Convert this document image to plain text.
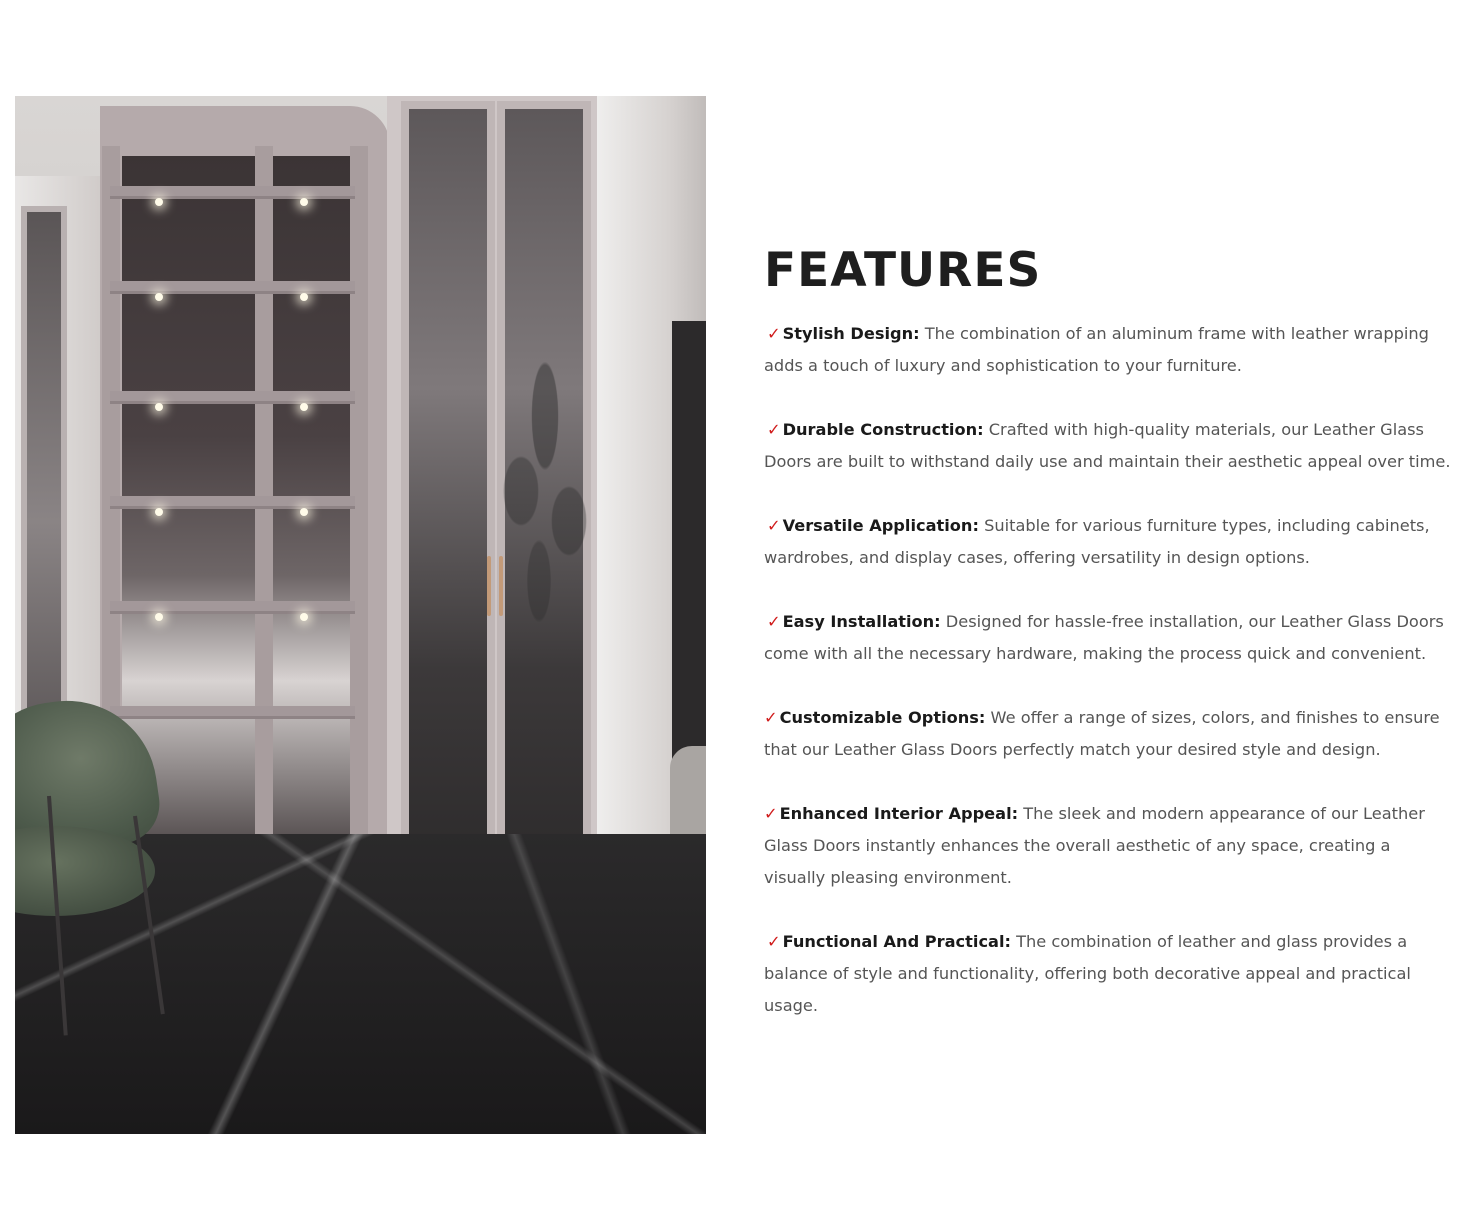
FEATURES
✓ Stylish Design: The combination of an aluminum frame with leather wrapping adds a touch of luxury and sophistication to your furniture.
✓ Durable Construction: Crafted with high-quality materials, our Leather Glass Doors are built to withstand daily use and maintain their aesthetic appeal over time.
✓ Versatile Application: Suitable for various furniture types, including cabinets, wardrobes, and display cases, offering versatility in design options.
✓ Easy Installation: Designed for hassle-free installation, our Leather Glass Doors come with all the necessary hardware, making the process quick and convenient.
✓ Customizable Options: We offer a range of sizes, colors, and finishes to ensure that our Leather Glass Doors perfectly match your desired style and design.
✓ Enhanced Interior Appeal: The sleek and modern appearance of our Leather Glass Doors instantly enhances the overall aesthetic of any space, creating a visually pleasing environment.
✓ Functional And Practical: The combination of leather and glass provides a balance of style and functionality, offering both decorative appeal and practical usage.
